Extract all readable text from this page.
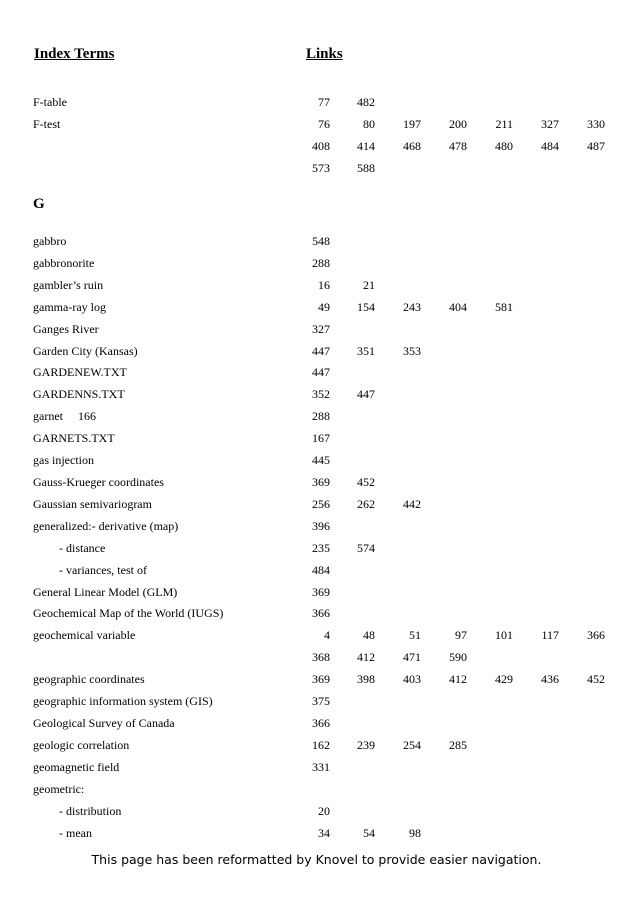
Index Terms	Links
F-table	77	482
F-test	76	80	197	200	211	327	330
408	414	468	478	480	484	487
573	588
G
gabbro	548
gabbronorite	288
gambler’s ruin	16	21
gamma-ray log	49	154	243	404	581
Ganges River	327
Garden City (Kansas)	447	351	353
GARDENEW.TXT	447
GARDENNS.TXT	352	447
garnet     166	288
GARNETS.TXT	167
gas injection	445
Gauss-Krueger coordinates	369	452
Gaussian semivariogram	256	262	442
generalized:- derivative (map)	396
- distance	235	574
- variances, test of	484
General Linear Model (GLM)	369
Geochemical Map of the World (IUGS)	366
geochemical variable	4	48	51	97	101	117	366
368	412	471	590
geographic coordinates	369	398	403	412	429	436	452
geographic information system (GIS)	375
Geological Survey of Canada	366
geologic correlation	162	239	254	285
geomagnetic field	331
geometric:
- distribution	20
- mean	34	54	98
This page has been reformatted by Knovel to provide easier navigation.
